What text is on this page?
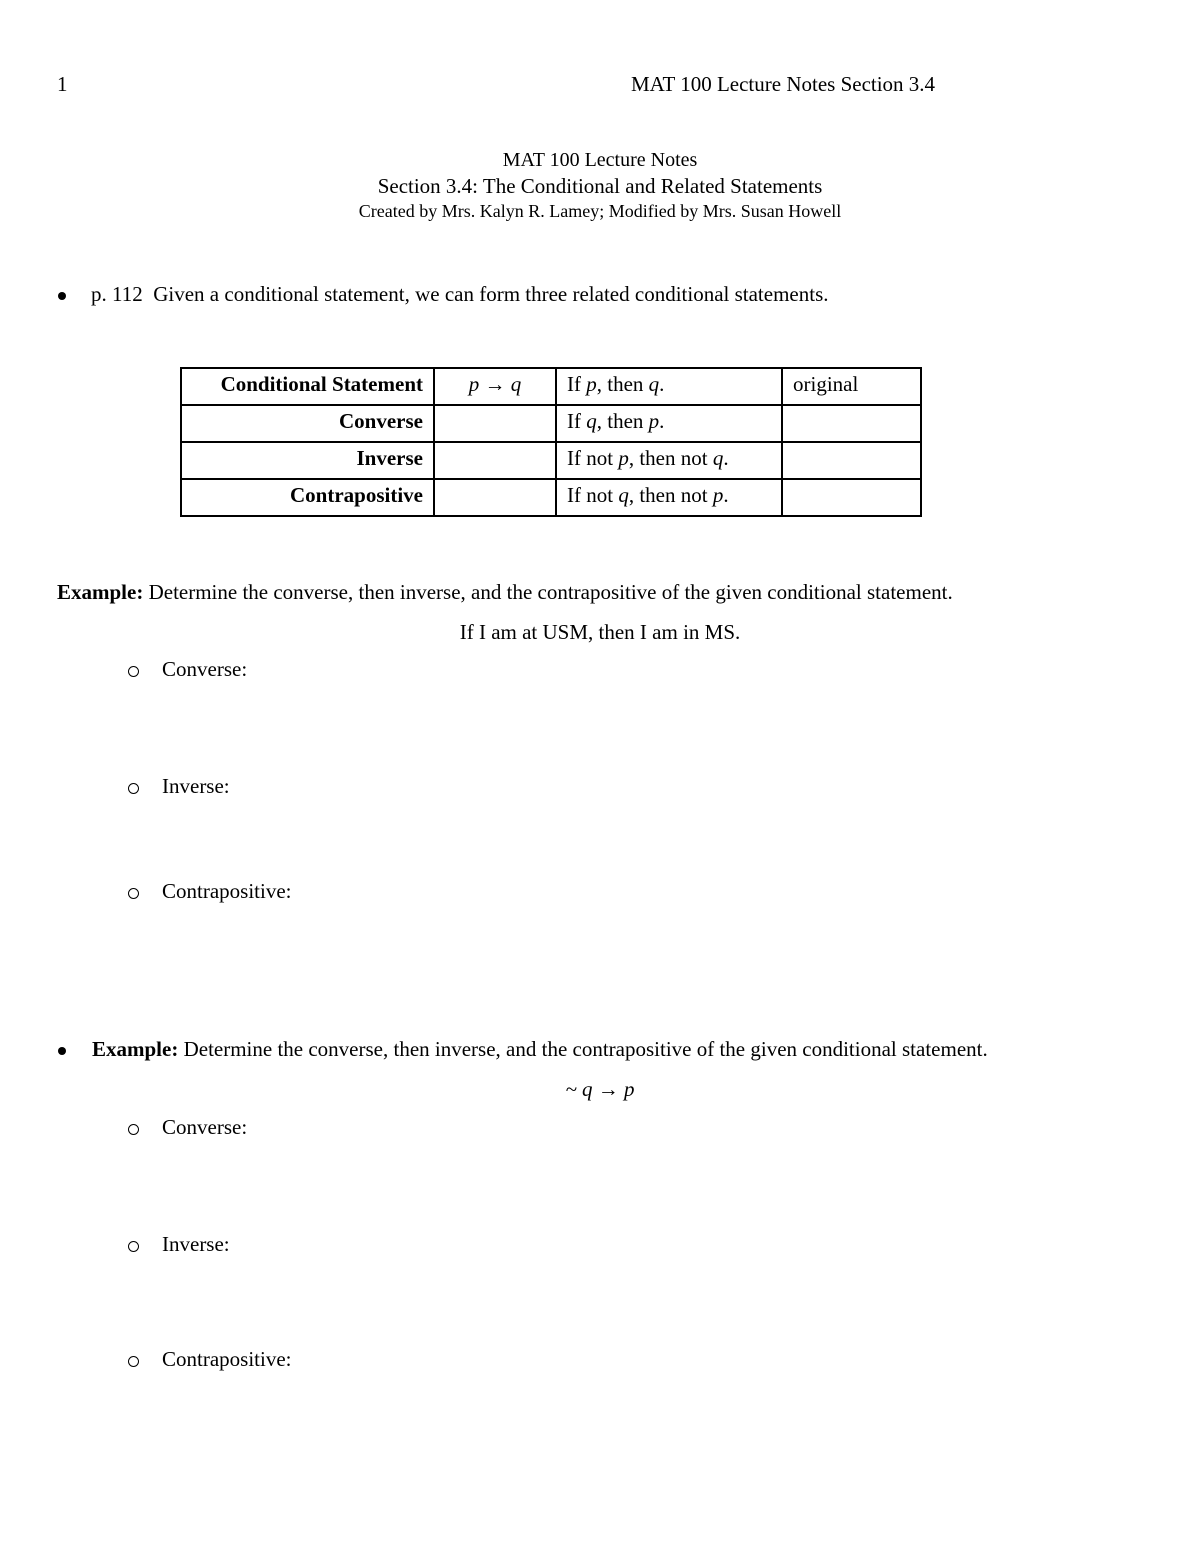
1	MAT 100 Lecture Notes Section 3.4
MAT 100 Lecture Notes
Section 3.4: The Conditional and Related Statements
Created by Mrs. Kalyn R. Lamey; Modified by Mrs. Susan Howell
p. 112 Given a conditional statement, we can form three related conditional statements.
Conditional Statement	p → q	If p, then q.	original
Converse		If q, then p.	
Inverse		If not p, then not q.	
Contrapositive		If not q, then not p.	
Example: Determine the converse, then inverse, and the contrapositive of the given conditional statement.
If I am at USM, then I am in MS.
Converse:
Inverse:
Contrapositive:
Example: Determine the converse, then inverse, and the contrapositive of the given conditional statement.
~ q → p
Converse:
Inverse:
Contrapositive:
